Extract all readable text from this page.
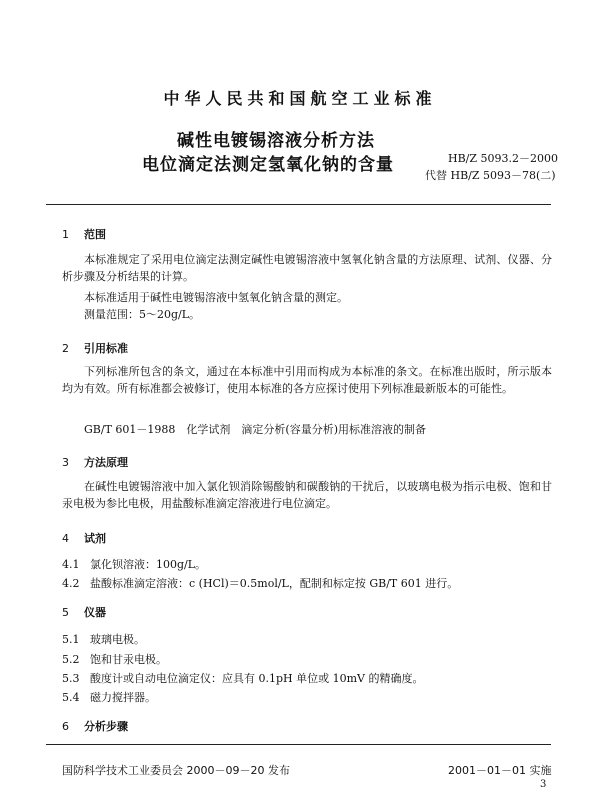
中华人民共和国航空工业标准
碱性电镀锡溶液分析方法
电位滴定法测定氢氧化钠的含量	HB/Z 5093.2－2000
代替 HB/Z 5093－78(二)
1 范围

本标准规定了采用电位滴定法测定碱性电镀锡溶液中氢氧化钠含量的方法原理、试剂、仪器、分析步骤及分析结果的计算。

本标准适用于碱性电镀锡溶液中氢氧化钠含量的测定。

测量范围：5～20g/L。

2 引用标准

下列标准所包含的条文，通过在本标准中引用而构成为本标准的条文。在标准出版时，所示版本均为有效。所有标准都会被修订，使用本标准的各方应探讨使用下列标准最新版本的可能性。

GB/T 601－1988　化学试剂　滴定分析(容量分析)用标准溶液的制备

3 方法原理

在碱性电镀锡溶液中加入氯化钡消除锡酸钠和碳酸钠的干扰后，以玻璃电极为指示电极、饱和甘汞电极为参比电极，用盐酸标准滴定溶液进行电位滴定。

4 试剂
4.1 氯化钡溶液：100g/L。
4.2 盐酸标准滴定溶液：c (HCl)＝0.5mol/L，配制和标定按 GB/T 601 进行。
5 仪器
5.1 玻璃电极。
5.2 饱和甘汞电极。
5.3 酸度计或自动电位滴定仪：应具有 0.1pH 单位或 10mV 的精确度。
5.4 磁力搅拌器。
6 分析步骤
国防科学技术工业委员会 2000－09－20 发布	2001－01－01 实施
3
